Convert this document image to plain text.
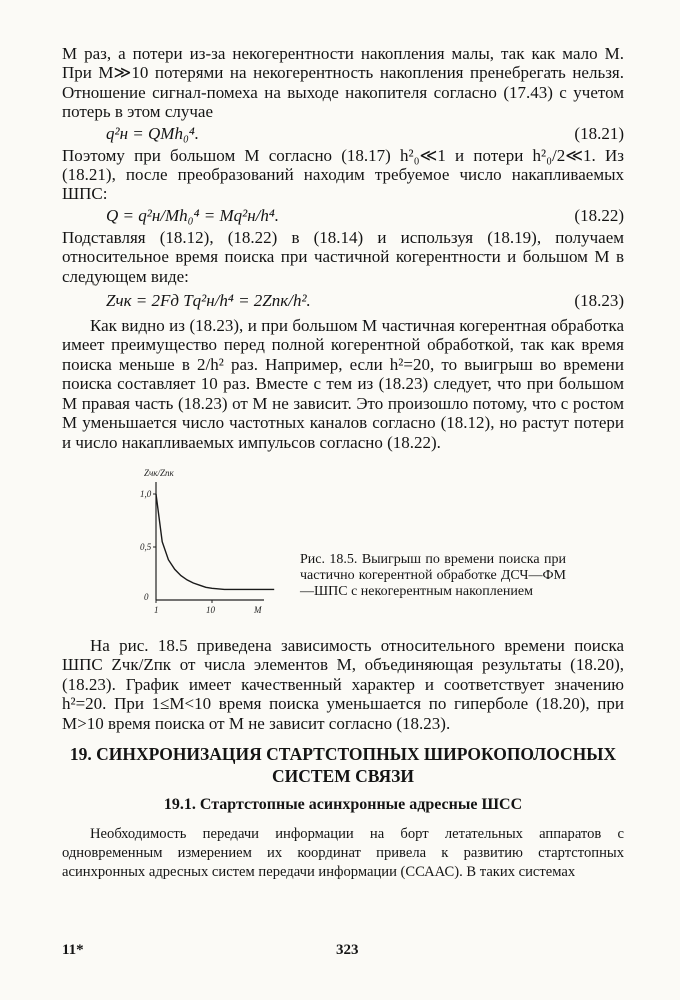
M раз, а потери из-за некогерентности накопления малы, так как мало M. При M≫10 потерями на некогерентность накопления пренебрегать нельзя. Отношение сигнал-помеха на выходе накопителя согласно (17.43) с учетом потерь в этом случае

q²н = QMh₀⁴.	(18.21)

Поэтому при большом M согласно (18.17) h²₀≪1 и потери h²₀/2≪1. Из (18.21), после преобразований находим требуемое число накапливаемых ШПС:

Q = q²н/Mh₀⁴ = Mq²н/h⁴.	(18.22)

Подставляя (18.12), (18.22) в (18.14) и используя (18.19), получаем относительное время поиска при частичной когерентности и большом M в следующем виде:

Zчк = 2Fд Tq²н/h⁴ = 2Zпк/h².	(18.23)

Как видно из (18.23), и при большом M частичная когерентная обработка имеет преимущество перед полной когерентной обработкой, так как время поиска меньше в 2/h² раз. Например, если h²=20, то выигрыш во времени поиска составляет 10 раз. Вместе с тем из (18.23) следует, что при большом M правая часть (18.23) от M не зависит. Это произошло потому, что с ростом M уменьшается число частотных каналов согласно (18.12), но растут потери и число накапливаемых импульсов согласно (18.22).

Zчк/Zпк
1,0
0,5
0
1	10	M
Рис. 18.5. Выигрыш по времени поиска при частично когерентной обработке ДСЧ—ФМ—ШПС с некогерентным накоплением

На рис. 18.5 приведена зависимость относительного времени поиска ШПС Zчк/Zпк от числа элементов M, объединяющая результаты (18.20), (18.23). График имеет качественный характер и соответствует значению h²=20. При 1≤M<10 время поиска уменьшается по гиперболе (18.20), при M>10 время поиска от M не зависит согласно (18.23).

19. СИНХРОНИЗАЦИЯ СТАРТСТОПНЫХ ШИРОКОПОЛОСНЫХ СИСТЕМ СВЯЗИ
19.1. Стартстопные асинхронные адресные ШСС

Необходимость передачи информации на борт летательных аппаратов с одновременным измерением их координат привела к развитию стартстопных асинхронных адресных систем передачи информации (ССААС). В таких системах

11*	323
